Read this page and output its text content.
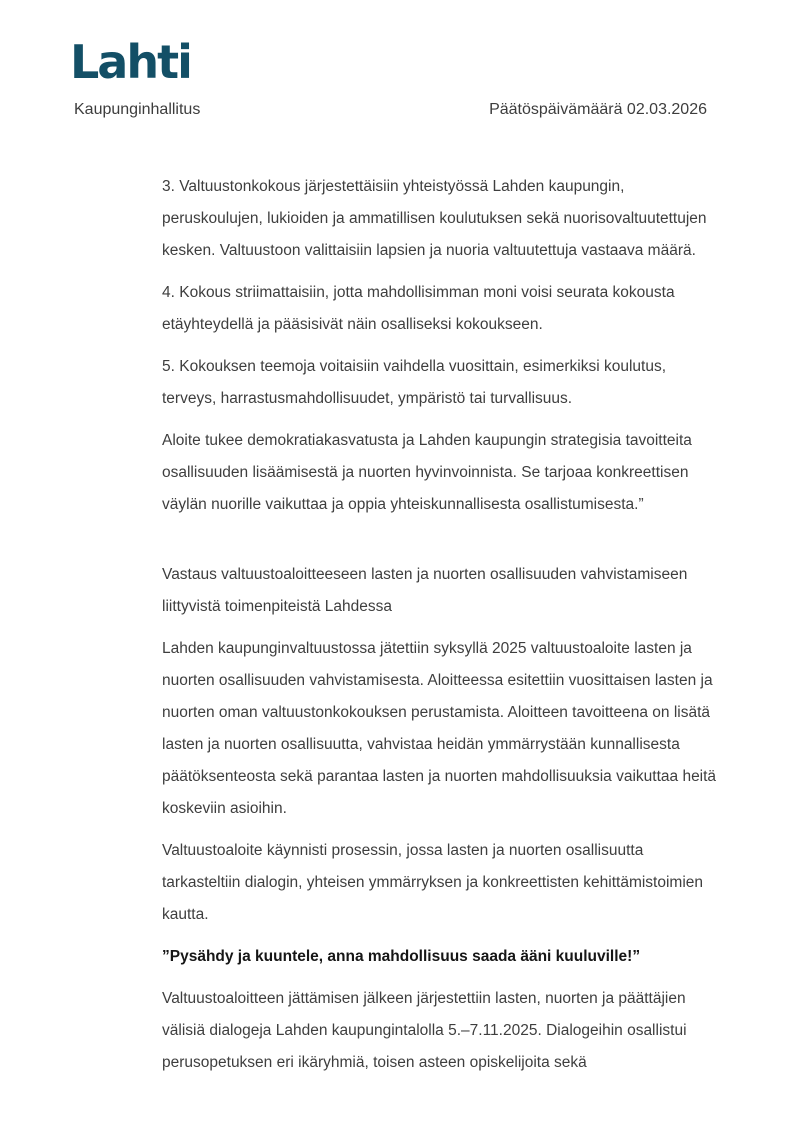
Lahti
Kaupunginhallitus	Päätöspäivämäärä 02.03.2026

3. Valtuustonkokous järjestettäisiin yhteistyössä Lahden kaupungin, peruskoulujen, lukioiden ja ammatillisen koulutuksen sekä nuorisovaltuutettujen kesken. Valtuustoon valittaisiin lapsien ja nuoria valtuutettuja vastaava määrä.

4. Kokous striimattaisiin, jotta mahdollisimman moni voisi seurata kokousta etäyhteydellä ja pääsisivät näin osalliseksi kokoukseen.

5. Kokouksen teemoja voitaisiin vaihdella vuosittain, esimerkiksi koulutus, terveys, harrastusmahdollisuudet, ympäristö tai turvallisuus.

Aloite tukee demokratiakasvatusta ja Lahden kaupungin strategisia tavoitteita osallisuuden lisäämisestä ja nuorten hyvinvoinnista. Se tarjoaa konkreettisen väylän nuorille vaikuttaa ja oppia yhteiskunnallisesta osallistumisesta.”

Vastaus valtuustoaloitteeseen lasten ja nuorten osallisuuden vahvistamiseen liittyvistä toimenpiteistä Lahdessa

Lahden kaupunginvaltuustossa jätettiin syksyllä 2025 valtuustoaloite lasten ja nuorten osallisuuden vahvistamisesta. Aloitteessa esitettiin vuosittaisen lasten ja nuorten oman valtuustonkokouksen perustamista. Aloitteen tavoitteena on lisätä lasten ja nuorten osallisuutta, vahvistaa heidän ymmärrystään kunnallisesta päätöksenteosta sekä parantaa lasten ja nuorten mahdollisuuksia vaikuttaa heitä koskeviin asioihin.

Valtuustoaloite käynnisti prosessin, jossa lasten ja nuorten osallisuutta tarkasteltiin dialogin, yhteisen ymmärryksen ja konkreettisten kehittämistoimien kautta.

”Pysähdy ja kuuntele, anna mahdollisuus saada ääni kuuluville!”

Valtuustoaloitteen jättämisen jälkeen järjestettiin lasten, nuorten ja päättäjien välisiä dialogeja Lahden kaupungintalolla 5.–7.11.2025. Dialogeihin osallistui perusopetuksen eri ikäryhmiä, toisen asteen opiskelijoita sekä
